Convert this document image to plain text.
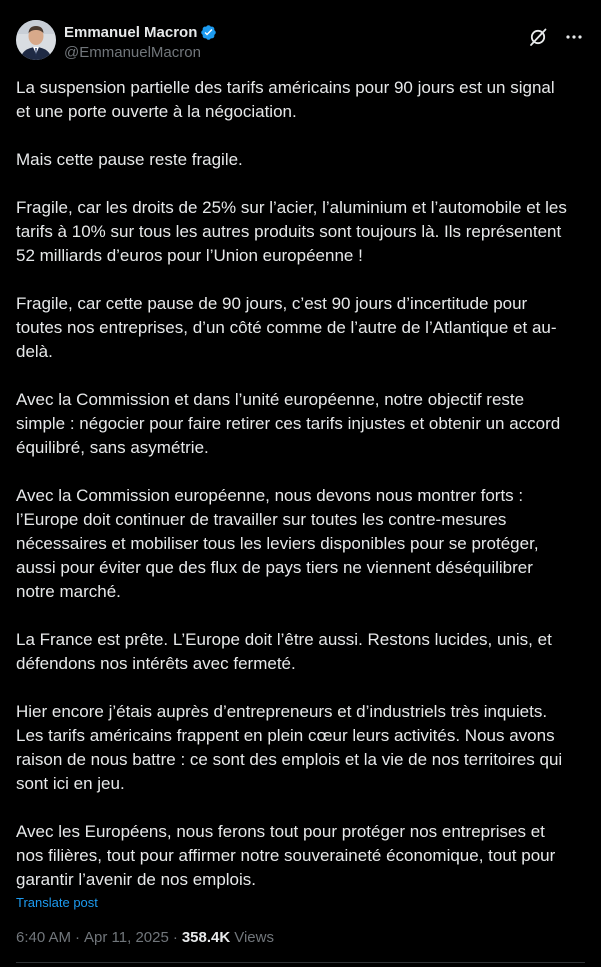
Emmanuel Macron
@EmmanuelMacron

La suspension partielle des tarifs américains pour 90 jours est un signal
et une porte ouverte à la négociation.

Mais cette pause reste fragile.

Fragile, car les droits de 25% sur l’acier, l’aluminium et l’automobile et les
tarifs à 10% sur tous les autres produits sont toujours là. Ils représentent
52 milliards d’euros pour l’Union européenne !

Fragile, car cette pause de 90 jours, c’est 90 jours d’incertitude pour
toutes nos entreprises, d’un côté comme de l’autre de l’Atlantique et au-
delà.

Avec la Commission et dans l’unité européenne, notre objectif reste
simple : négocier pour faire retirer ces tarifs injustes et obtenir un accord
équilibré, sans asymétrie.

Avec la Commission européenne, nous devons nous montrer forts :
l’Europe doit continuer de travailler sur toutes les contre-mesures
nécessaires et mobiliser tous les leviers disponibles pour se protéger,
aussi pour éviter que des flux de pays tiers ne viennent déséquilibrer
notre marché.

La France est prête. L’Europe doit l’être aussi. Restons lucides, unis, et
défendons nos intérêts avec fermeté.

Hier encore j’étais auprès d’entrepreneurs et d’industriels très inquiets.
Les tarifs américains frappent en plein cœur leurs activités. Nous avons
raison de nous battre : ce sont des emplois et la vie de nos territoires qui
sont ici en jeu.

Avec les Européens, nous ferons tout pour protéger nos entreprises et
nos filières, tout pour affirmer notre souveraineté économique, tout pour
garantir l’avenir de nos emplois.

Translate post
6:40 AM · Apr 11, 2025 · 358.4K Views
